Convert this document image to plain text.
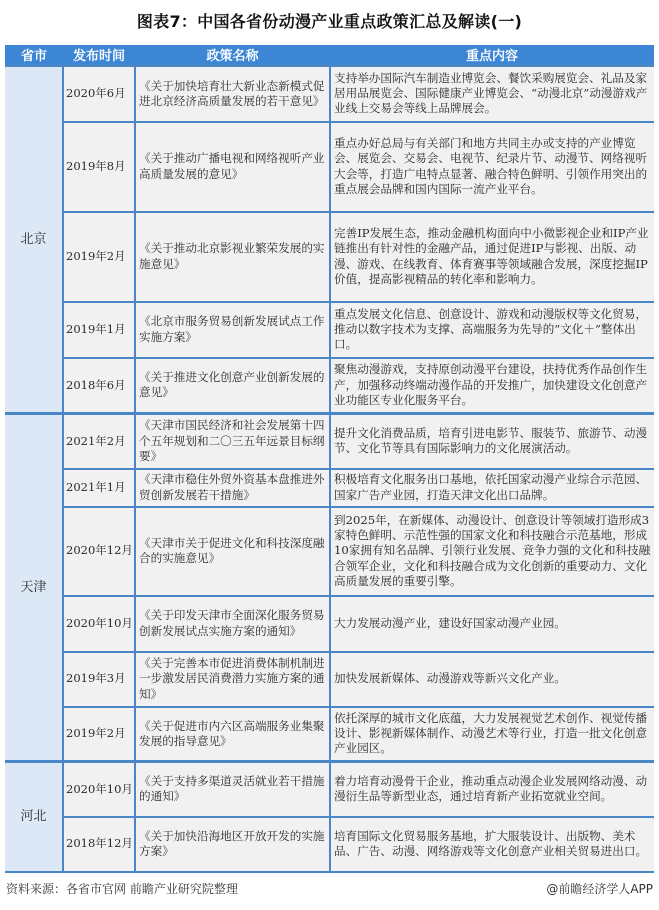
图表7：中国各省份动漫产业重点政策汇总及解读(一)
省市	发布时间	政策名称	重点内容
北京	2020年6月	《关于加快培育壮大新业态新模式促进北京经济高质量发展的若干意见》	支持举办国际汽车制造业博览会、餐饮采购展览会、礼品及家居用品展览会、国际健康产业博览会、“动漫北京”动漫游戏产业线上交易会等线上品牌展会。
	2019年8月	《关于推动广播电视和网络视听产业高质量发展的意见》	重点办好总局与有关部门和地方共同主办或支持的产业博览会、展览会、交易会、电视节、纪录片节、动漫节、网络视听大会等，打造广电特点显著、融合特色鲜明、引领作用突出的重点展会品牌和国内国际一流产业平台。
	2019年2月	《关于推动北京影视业繁荣发展的实施意见》	完善IP发展生态，推动金融机构面向中小微影视企业和IP产业链推出有针对性的金融产品，通过促进IP与影视、出版、动漫、游戏、在线教育、体育赛事等领域融合发展，深度挖掘IP价值，提高影视精品的转化率和影响力。
	2019年1月	《北京市服务贸易创新发展试点工作实施方案》	重点发展文化信息、创意设计、游戏和动漫版权等文化贸易，推动以数字技术为支撑、高端服务为先导的“文化＋”整体出口。
	2018年6月	《关于推进文化创意产业创新发展的意见》	聚焦动漫游戏，支持原创动漫平台建设，扶持优秀作品创作生产，加强移动终端动漫作品的开发推广，加快建设文化创意产业功能区专业化服务平台。
天津	2021年2月	《天津市国民经济和社会发展第十四个五年规划和二〇三五年远景目标纲要》	提升文化消费品质，培育引进电影节、服装节、旅游节、动漫节、文化节等具有国际影响力的文化展演活动。
	2021年1月	《天津市稳住外贸外资基本盘推进外贸创新发展若干措施》	积极培育文化服务出口基地，依托国家动漫产业综合示范园、国家广告产业园，打造天津文化出口品牌。
	2020年12月	《天津市关于促进文化和科技深度融合的实施意见》	到2025年，在新媒体、动漫设计、创意设计等领域打造形成3家特色鲜明、示范性强的国家文化和科技融合示范基地，形成10家拥有知名品牌、引领行业发展、竞争力强的文化和科技融合领军企业，文化和科技融合成为文化创新的重要动力、文化高质量发展的重要引擎。
	2020年10月	《关于印发天津市全面深化服务贸易创新发展试点实施方案的通知》	大力发展动漫产业，建设好国家动漫产业园。
	2019年3月	《关于完善本市促进消费体制机制进一步激发居民消费潜力实施方案的通知》	加快发展新媒体、动漫游戏等新兴文化产业。
	2019年2月	《关于促进市内六区高端服务业集聚发展的指导意见》	依托深厚的城市文化底蕴，大力发展视觉艺术创作、视觉传播设计、影视新媒体制作、动漫艺术等行业，打造一批文化创意产业园区。
河北	2020年10月	《关于支持多渠道灵活就业若干措施的通知》	着力培育动漫骨干企业，推动重点动漫企业发展网络动漫、动漫衍生品等新型业态，通过培育新产业拓宽就业空间。
	2018年12月	《关于加快沿海地区开放开发的实施方案》	培育国际文化贸易服务基地，扩大服装设计、出版物、美术品、广告、动漫、网络游戏等文化创意产业相关贸易进出口。
资料来源：各省市官网 前瞻产业研究院整理	@前瞻经济学人APP
